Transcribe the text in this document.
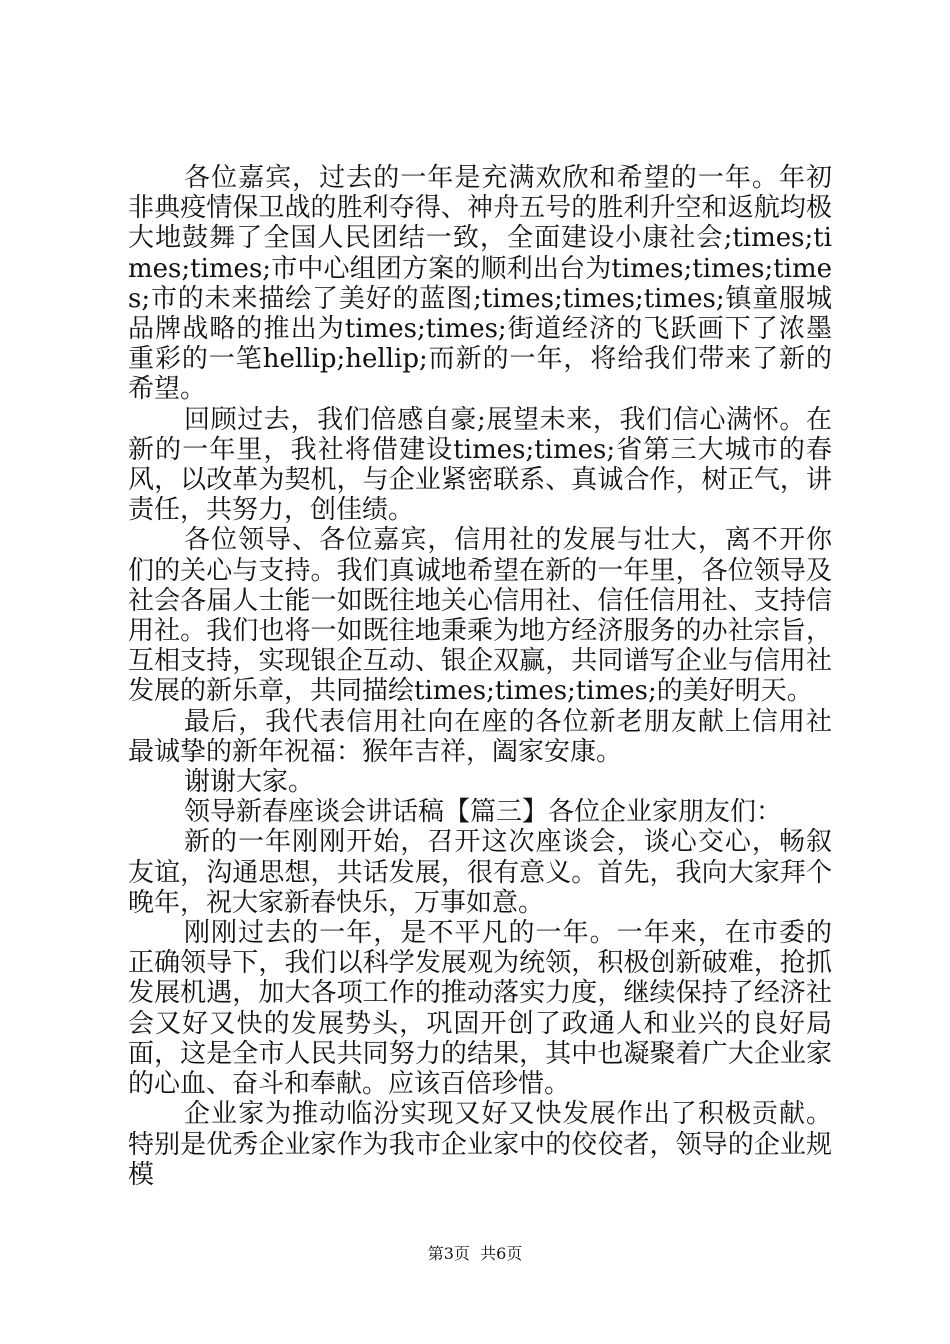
各位嘉宾，过去的一年是充满欢欣和希望的一年。年初非典疫情保卫战的胜利夺得、神舟五号的胜利升空和返航均极大地鼓舞了全国人民团结一致，全面建设小康社会;times;times;times;市中心组团方案的顺利出台为times;times;times;市的未来描绘了美好的蓝图;times;times;times;镇童服城品牌战略的推出为times;times;街道经济的飞跃画下了浓墨重彩的一笔hellip;hellip;而新的一年，将给我们带来了新的希望。

回顾过去，我们倍感自豪;展望未来，我们信心满怀。在新的一年里，我社将借建设times;times;省第三大城市的春风，以改革为契机，与企业紧密联系、真诚合作，树正气，讲责任，共努力，创佳绩。

各位领导、各位嘉宾，信用社的发展与壮大，离不开你们的关心与支持。我们真诚地希望在新的一年里，各位领导及社会各届人士能一如既往地关心信用社、信任信用社、支持信用社。我们也将一如既往地秉乘为地方经济服务的办社宗旨，互相支持，实现银企互动、银企双赢，共同谱写企业与信用社发展的新乐章，共同描绘times;times;times;的美好明天。

最后，我代表信用社向在座的各位新老朋友献上信用社最诚挚的新年祝福：猴年吉祥，阖家安康。

谢谢大家。

领导新春座谈会讲话稿【篇三】各位企业家朋友们：

新的一年刚刚开始，召开这次座谈会，谈心交心，畅叙友谊，沟通思想，共话发展，很有意义。首先，我向大家拜个晚年，祝大家新春快乐，万事如意。

刚刚过去的一年，是不平凡的一年。一年来，在市委的正确领导下，我们以科学发展观为统领，积极创新破难，抢抓发展机遇，加大各项工作的推动落实力度，继续保持了经济社会又好又快的发展势头，巩固开创了政通人和业兴的良好局面，这是全市人民共同努力的结果，其中也凝聚着广大企业家的心血、奋斗和奉献。应该百倍珍惜。

企业家为推动临汾实现又好又快发展作出了积极贡献。特别是优秀企业家作为我市企业家中的佼佼者，领导的企业规模

第3页  共6页
